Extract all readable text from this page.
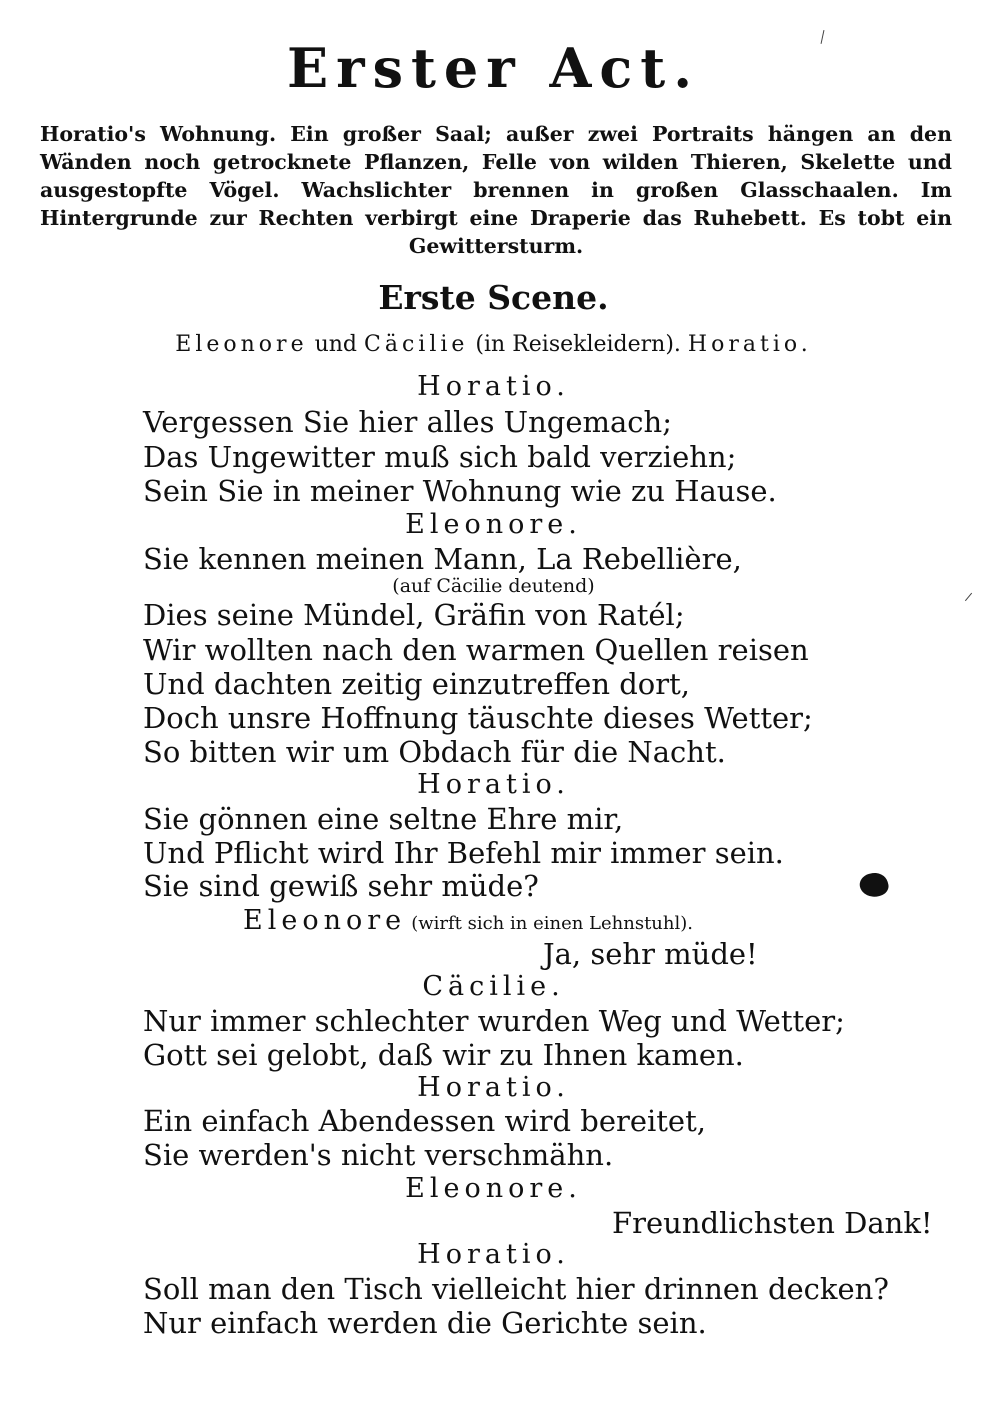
Erster Act.
Horatio's Wohnung. Ein großer Saal; außer zwei Portraits hängen an den Wänden noch getrocknete Pflanzen, Felle von wilden Thieren, Skelette und ausgestopfte Vögel. Wachslichter brennen in großen Glasschaalen. Im Hintergrunde zur Rechten verbirgt eine Draperie das Ruhebett. Es tobt ein Gewittersturm.
Erste Scene.
Eleonore und Cäcilie (in Reisekleidern). Horatio.
Horatio.
Vergessen Sie hier alles Ungemach;
Das Ungewitter muß sich bald verziehn;
Sein Sie in meiner Wohnung wie zu Hause.
Eleonore.
Sie kennen meinen Mann, La Rebellière,
(auf Cäcilie deutend)
Dies seine Mündel, Gräfin von Ratél;
Wir wollten nach den warmen Quellen reisen
Und dachten zeitig einzutreffen dort,
Doch unsre Hoffnung täuschte dieses Wetter;
So bitten wir um Obdach für die Nacht.
Horatio.
Sie gönnen eine seltne Ehre mir,
Und Pflicht wird Ihr Befehl mir immer sein.
Sie sind gewiß sehr müde?
Eleonore (wirft sich in einen Lehnstuhl).
Ja, sehr müde!
Cäcilie.
Nur immer schlechter wurden Weg und Wetter;
Gott sei gelobt, daß wir zu Ihnen kamen.
Horatio.
Ein einfach Abendessen wird bereitet,
Sie werden's nicht verschmähn.
Eleonore.
Freundlichsten Dank!
Horatio.
Soll man den Tisch vielleicht hier drinnen decken?
Nur einfach werden die Gerichte sein.
